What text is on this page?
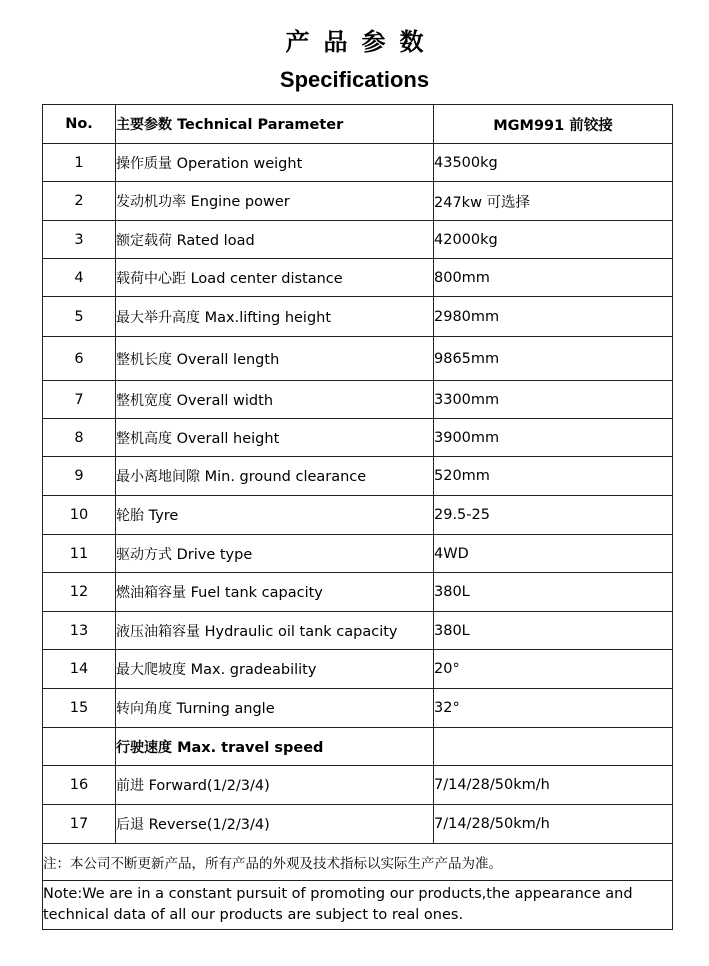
产品参数
Specifications
No.	主要参数 Technical Parameter	MGM991 前铰接
1	操作质量 Operation weight	43500kg
2	发动机功率 Engine power	247kw 可选择
3	额定载荷 Rated load	42000kg
4	载荷中心距 Load center distance	800mm
5	最大举升高度 Max.lifting height	2980mm
6	整机长度 Overall length	9865mm
7	整机宽度 Overall width	3300mm
8	整机高度 Overall height	3900mm
9	最小离地间隙 Min. ground clearance	520mm
10	轮胎 Tyre	29.5-25
11	驱动方式 Drive type	4WD
12	燃油箱容量 Fuel tank capacity	380L
13	液压油箱容量 Hydraulic oil tank capacity	380L
14	最大爬坡度 Max. gradeability	20°
15	转向角度 Turning angle	32°
	行驶速度 Max. travel speed	
16	前进 Forward(1/2/3/4)	7/14/28/50km/h
17	后退 Reverse(1/2/3/4)	7/14/28/50km/h
注：本公司不断更新产品，所有产品的外观及技术指标以实际生产产品为准。		
Note:We are in a constant pursuit of promoting our products,the appearance and technical data of all our products are subject to real ones.		
